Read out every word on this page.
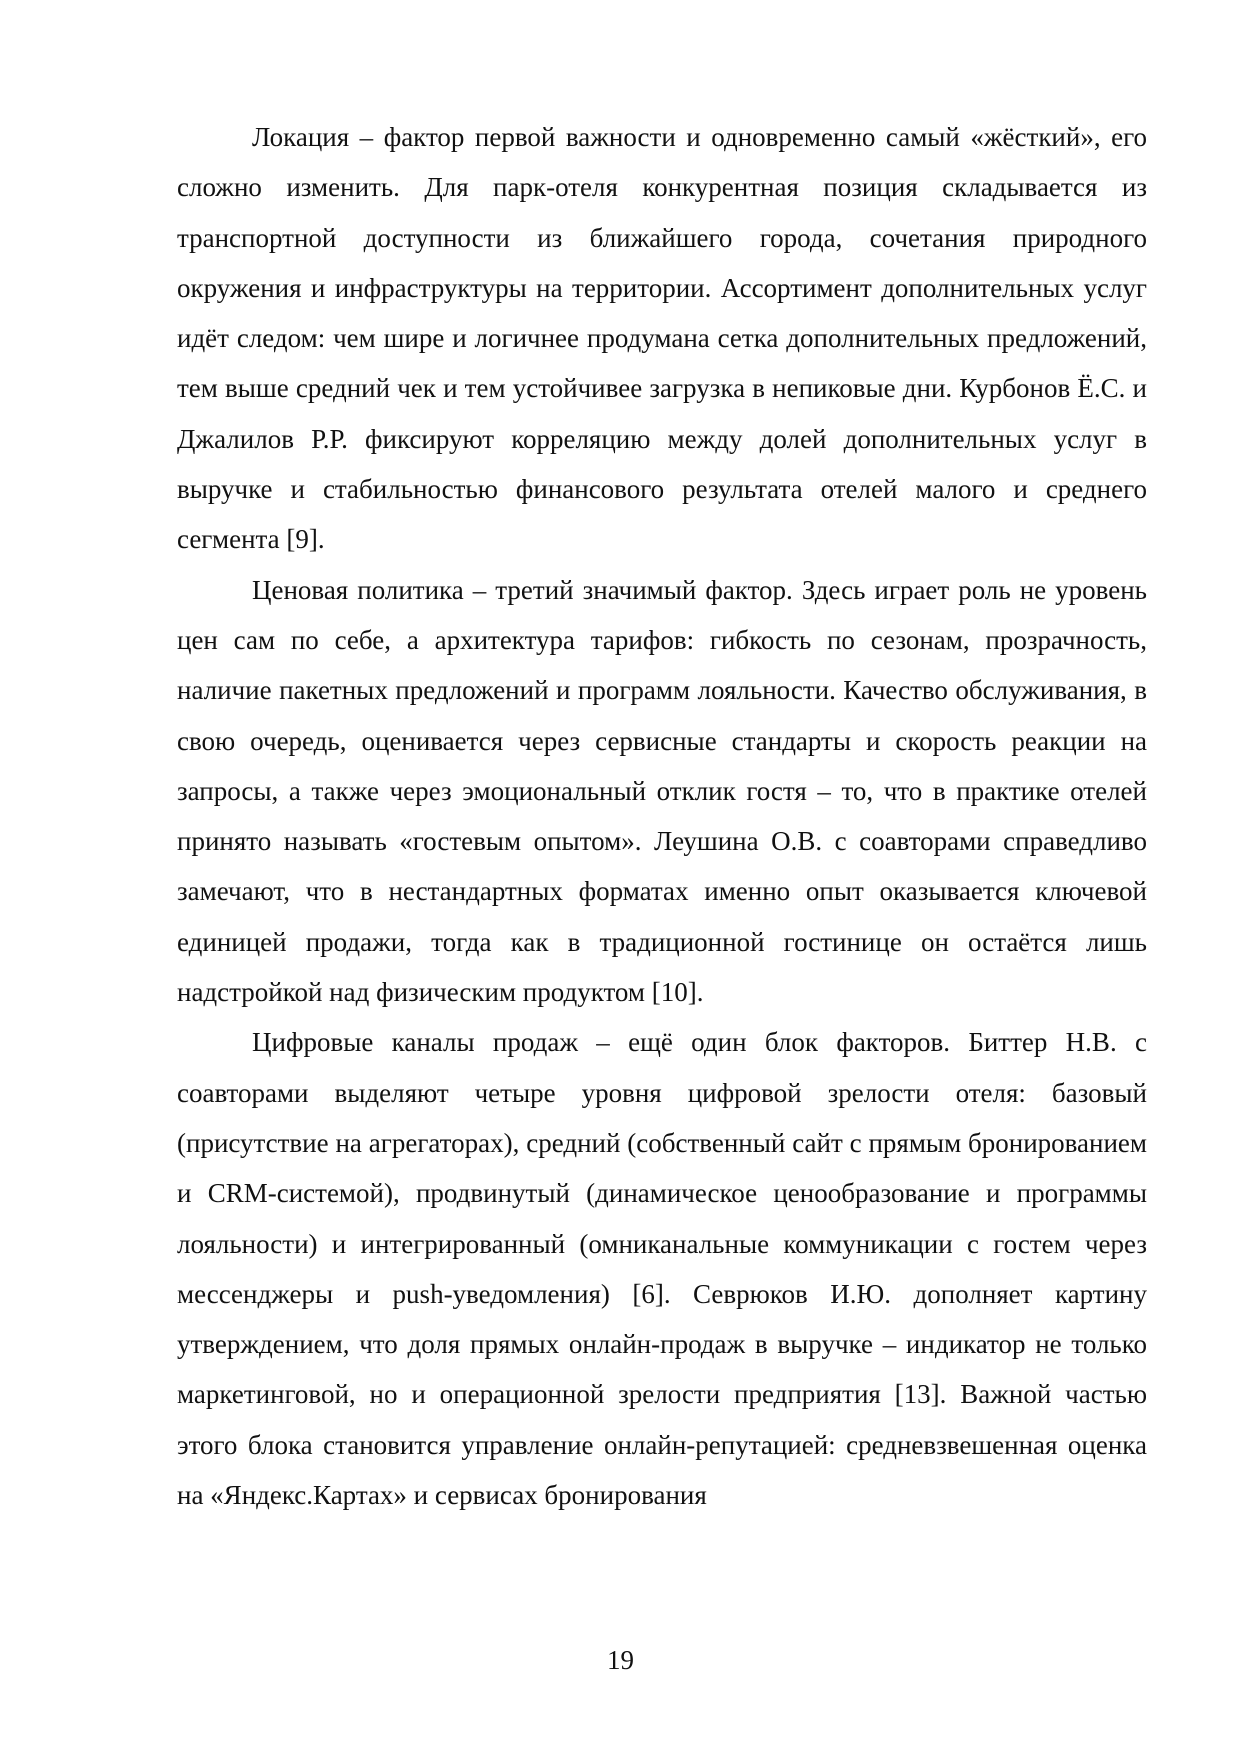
Локация – фактор первой важности и одновременно самый «жёсткий», его сложно изменить. Для парк-отеля конкурентная позиция складывается из транспортной доступности из ближайшего города, сочетания природного окружения и инфраструктуры на территории. Ассортимент дополнительных услуг идёт следом: чем шире и логичнее продумана сетка дополнительных предложений, тем выше средний чек и тем устойчивее загрузка в непиковые дни. Курбонов Ё.С. и Джалилов Р.Р. фиксируют корреляцию между долей дополнительных услуг в выручке и стабильностью финансового результата отелей малого и среднего сегмента [9].

Ценовая политика – третий значимый фактор. Здесь играет роль не уровень цен сам по себе, а архитектура тарифов: гибкость по сезонам, прозрачность, наличие пакетных предложений и программ лояльности. Качество обслуживания, в свою очередь, оценивается через сервисные стандарты и скорость реакции на запросы, а также через эмоциональный отклик гостя – то, что в практике отелей принято называть «гостевым опытом». Леушина О.В. с соавторами справедливо замечают, что в нестандартных форматах именно опыт оказывается ключевой единицей продажи, тогда как в традиционной гостинице он остаётся лишь надстройкой над физическим продуктом [10].

Цифровые каналы продаж – ещё один блок факторов. Биттер Н.В. с соавторами выделяют четыре уровня цифровой зрелости отеля: базовый (присутствие на агрегаторах), средний (собственный сайт с прямым бронированием и CRM-системой), продвинутый (динамическое ценообразование и программы лояльности) и интегрированный (омниканальные коммуникации с гостем через мессенджеры и push-уведомления) [6]. Севрюков И.Ю. дополняет картину утверждением, что доля прямых онлайн-продаж в выручке – индикатор не только маркетинговой, но и операционной зрелости предприятия [13]. Важной частью этого блока становится управление онлайн-репутацией: средневзвешенная оценка на «Яндекс.Картах» и сервисах бронирования

19
